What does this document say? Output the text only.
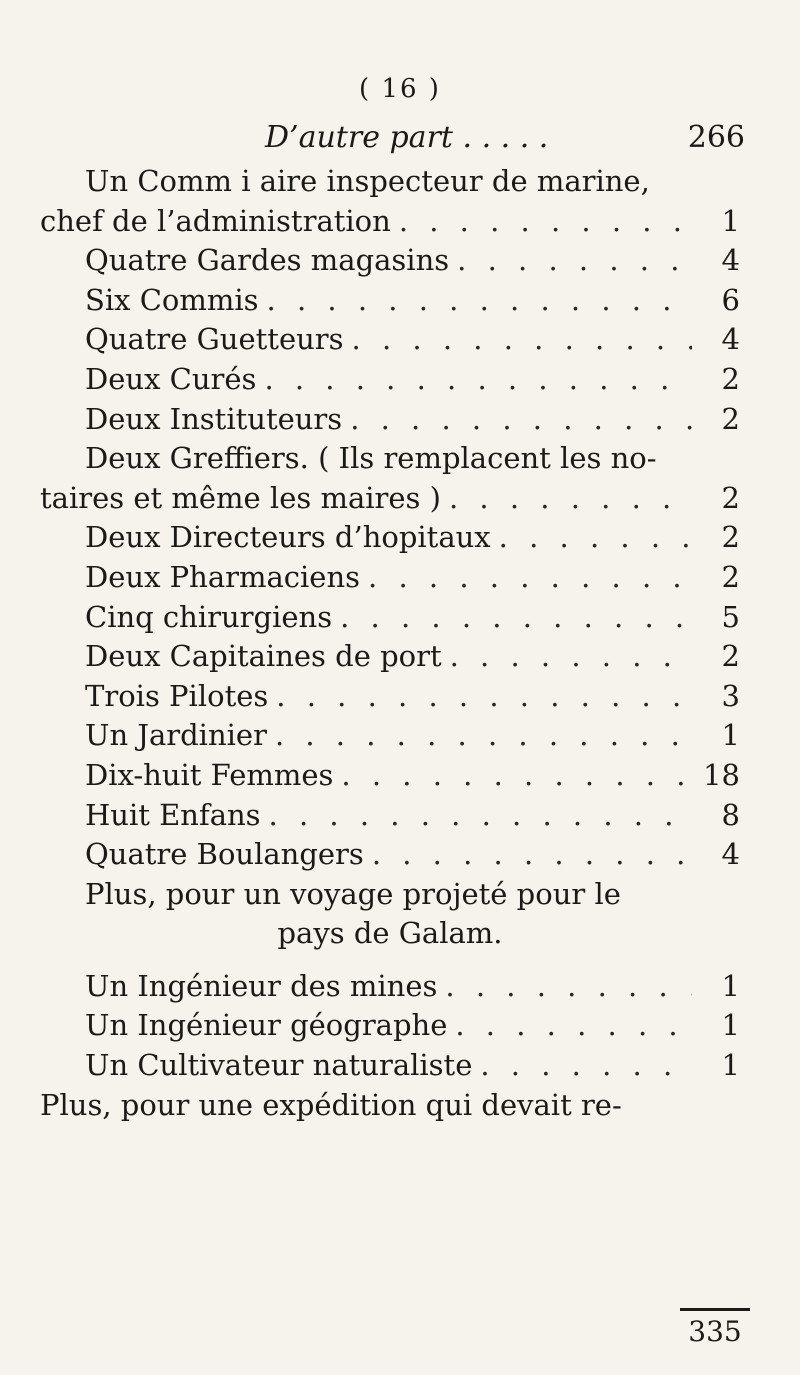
( 16 )
D’autre part . . . . .	266
Un Comm i aire inspecteur de marine,
chef de l’administration . . .	1
Quatre Gardes magasins . . .	4
Six Commis . . .	6
Quatre Guetteurs . . .	4
Deux Curés . . .	2
Deux Instituteurs . . .	2
Deux Greffiers. ( Ils remplacent les no-
taires et même les maires ) . . .	2
Deux Directeurs d’hopitaux . . .	2
Deux Pharmaciens . . .	2
Cinq chirurgiens . . .	5
Deux Capitaines de port . . .	2
Trois Pilotes . . .	3
Un Jardinier . . .	1
Dix-huit Femmes . . .	18
Huit Enfans . . .	8
Quatre Boulangers . . .	4
Plus, pour un voyage projeté pour le
pays de Galam.
Un Ingénieur des mines . . .	1
Un Ingénieur géographe . . .	1
Un Cultivateur naturaliste . . .	1
Plus, pour une expédition qui devait re-
335
